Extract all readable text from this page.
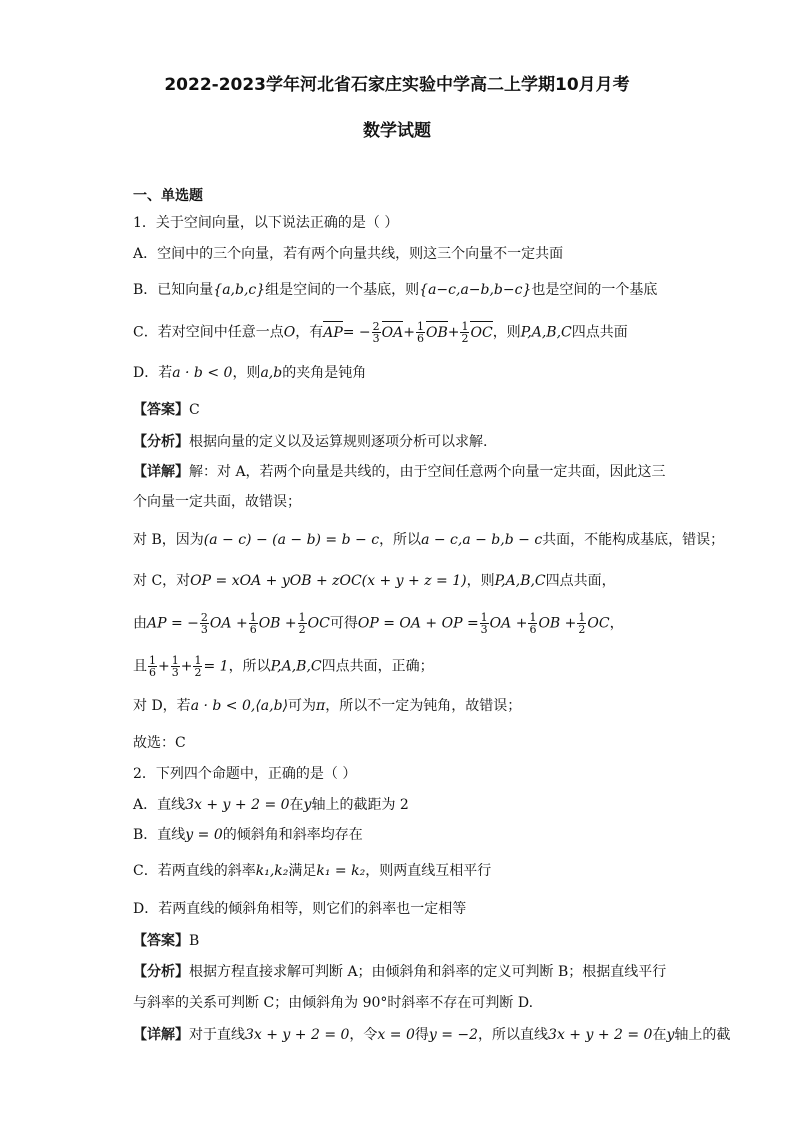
2022-2023学年河北省石家庄实验中学高二上学期10月月考
数学试题
一、单选题
1．关于空间向量，以下说法正确的是（ ）
A．空间中的三个向量，若有两个向量共线，则这三个向量不一定共面
B．已知向量{a,b,c}组是空间的一个基底，则{a−c,a−b,b−c}也是空间的一个基底
C．若对空间中任意一点O，有$AP= - \frac{2}{3} OA+ \frac{1}{6} OB+ \frac{1}{2}$ OC，则P,A,B,C四点共面
D．若a · b < 0，则a,b的夹角是钝角
【答案】C
【分析】根据向量的定义以及运算规则逐项分析可以求解.
【详解】解：对 A，若两个向量是共线的，由于空间任意两个向量一定共面，因此这三
个向量一定共面，故错误；
对 B，因为(a − c) − (a − b) = b − c，所以a − c,a − b,b − c共面，不能构成基底，错误；
对 C，对OP = xOA + yOB + zOC(x + y + z = 1)，则P,A,B,C四点共面，
由AP = − $\frac{2}{3}$ OA + $\frac{1}{6}$ OB + $\frac{1}{2}$ OC可得OP = OA + OP = $\frac{1}{3}$ OA + $\frac{1}{6}$ OB + $\frac{1}{2}$ OC，
且 $\frac{1}{6} + \frac{1}{3} + \frac{1}{2} = 1$，所以P,A,B,C四点共面，正确；
对 D，若a · b < 0,⟨a,b⟩可为π，所以不一定为钝角，故错误；
故选：C
2．下列四个命题中，正确的是（ ）
A．直线3x + y + 2 = 0在y轴上的截距为 2
B．直线y = 0的倾斜角和斜率均存在
C．若两直线的斜率k₁,k₂满足k₁ = k₂，则两直线互相平行
D．若两直线的倾斜角相等，则它们的斜率也一定相等
【答案】B
【分析】根据方程直接求解可判断 A；由倾斜角和斜率的定义可判断 B；根据直线平行
与斜率的关系可判断 C；由倾斜角为 90°时斜率不存在可判断 D.
【详解】对于直线3x + y + 2 = 0，令x = 0得y = −2，所以直线3x + y + 2 = 0在y轴上的截
